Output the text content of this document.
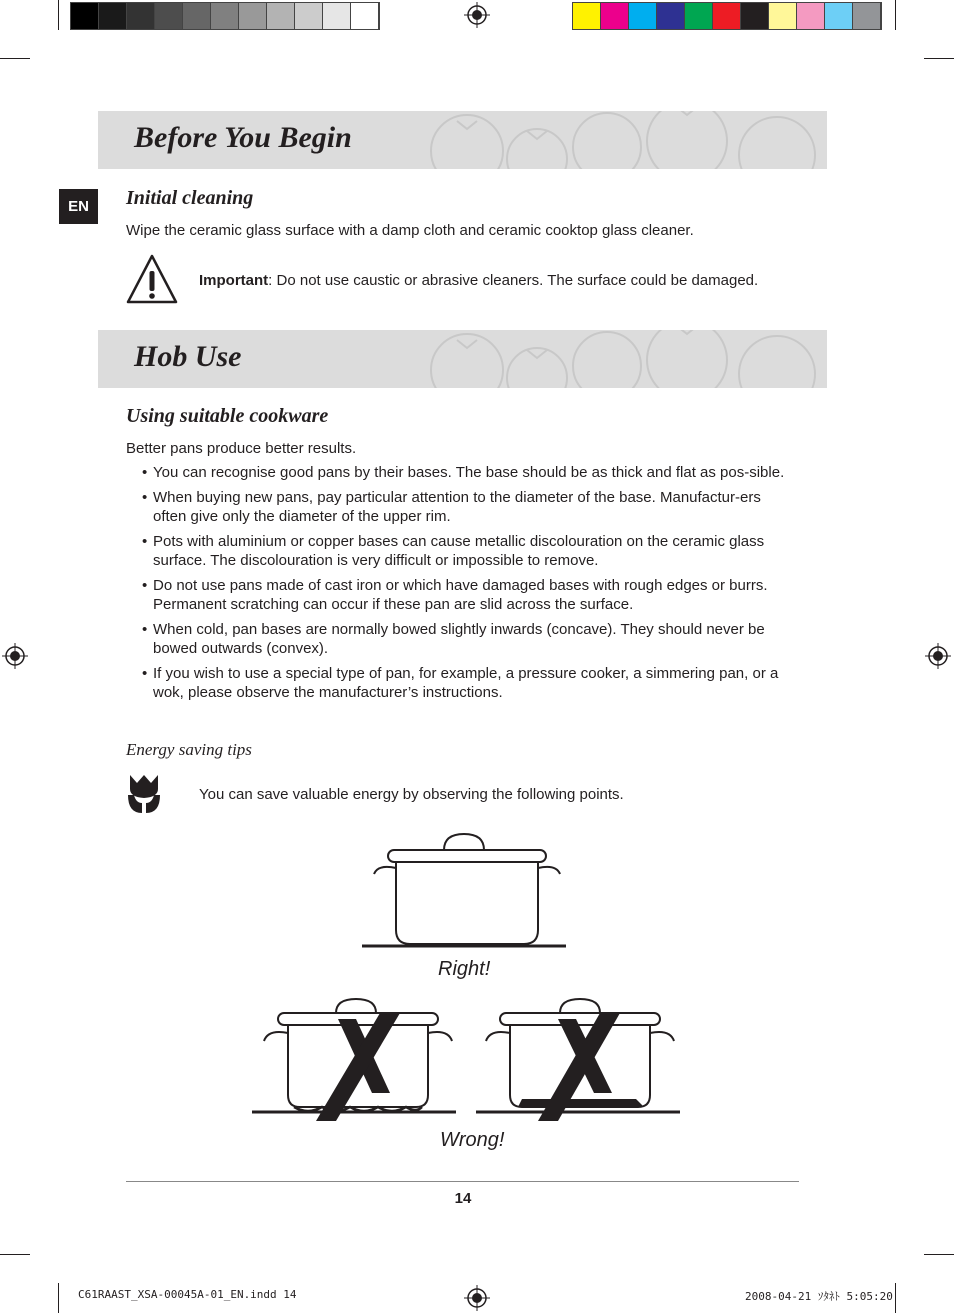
Before You Begin
EN	Initial cleaning
Wipe the ceramic glass surface with a damp cloth and ceramic cooktop glass cleaner.
Important: Do not use caustic or abrasive cleaners. The surface could be damaged.
Hob Use
Using suitable cookware
Better pans produce better results.
• You can recognise good pans by their bases. The base should be as thick and flat as pos-sible.
• When buying new pans, pay particular attention to the diameter of the base. Manufactur-ers often give only the diameter of the upper rim.
• Pots with aluminium or copper bases can cause metallic discolouration on the ceramic glass surface. The discolouration is very difficult or impossible to remove.
• Do not use pans made of cast iron or which have damaged bases with rough edges or burrs. Permanent scratching can occur if these pan are slid across the surface.
• When cold, pan bases are normally bowed slightly inwards (concave). They should never be bowed outwards (convex).
• If you wish to use a special type of pan, for example, a pressure cooker, a simmering pan, or a wok, please observe the manufacturer’s instructions.
Energy saving tips
You can save valuable energy by observing the following points.
Right!
Wrong!
14
C61RAAST_XSA-00045A-01_EN.indd 14	2008-04-21 ｿﾀﾈﾄ 5:05:20
